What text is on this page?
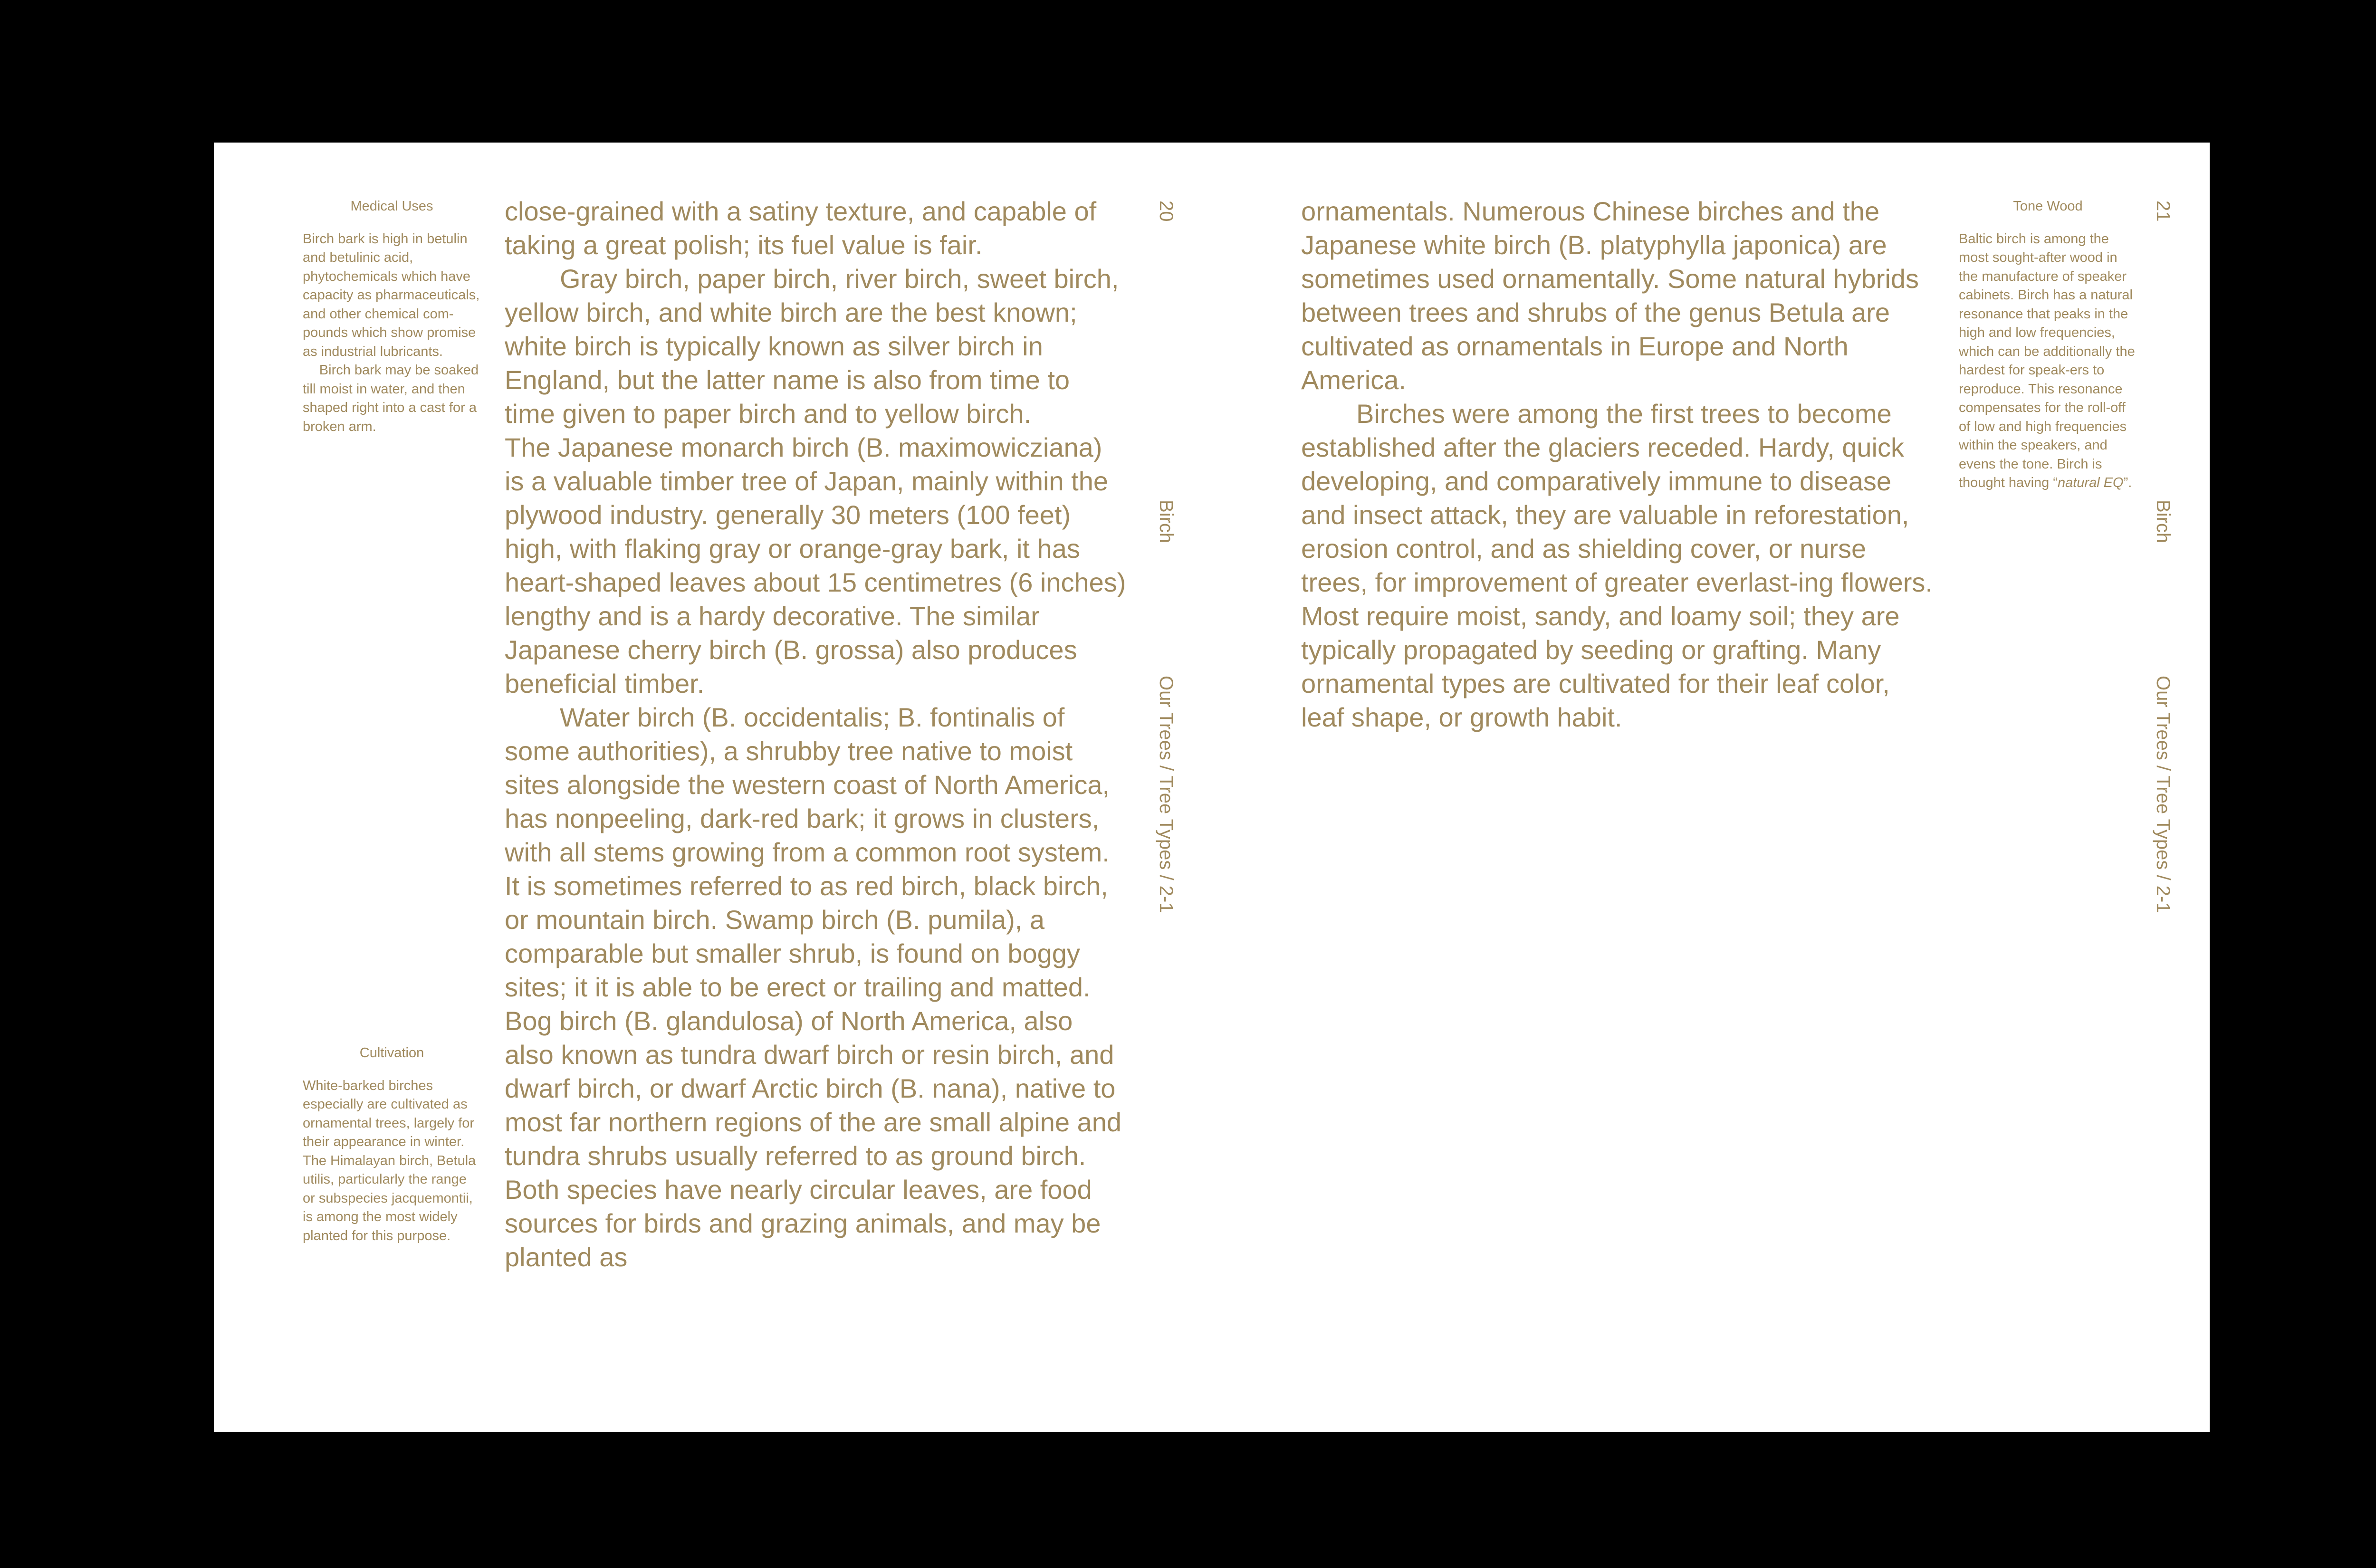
Medical Uses

Birch bark is high in betulin and betulinic acid, phytochemicals which have capacity as pharmaceuticals, and other chemical com-pounds which show promise as industrial lubricants.

Birch bark may be soaked till moist in water, and then shaped right into a cast for a broken arm.

Cultivation

White-barked birches especially are cultivated as ornamental trees, largely for their appearance in winter. The Himalayan birch, Betula utilis, particularly the range or subspecies jacquemontii, is among the most widely planted for this purpose.

close-grained with a satiny texture, and capable of taking a great polish; its fuel value is fair.

Gray birch, paper birch, river birch, sweet birch, yellow birch, and white birch are the best known; white birch is typically known as silver birch in England, but the latter name is also from time to time given to paper birch and to yellow birch.

The Japanese monarch birch (B. maximowicziana) is a valuable timber tree of Japan, mainly within the plywood industry. generally 30 meters (100 feet) high, with flaking gray or orange-gray bark, it has heart-shaped leaves about 15 centimetres (6 inches) lengthy and is a hardy decorative. The similar Japanese cherry birch (B. grossa) also produces beneficial timber.

Water birch (B. occidentalis; B. fontinalis of some authorities), a shrubby tree native to moist sites alongside the western coast of North America, has nonpeeling, dark-red bark; it grows in clusters, with all stems growing from a common root system. It is sometimes referred to as red birch, black birch, or mountain birch. Swamp birch (B. pumila), a comparable but smaller shrub, is found on boggy sites; it it is able to be erect or trailing and matted. Bog birch (B. glandulosa) of North America, also also known as tundra dwarf birch or resin birch, and dwarf birch, or dwarf Arctic birch (B. nana), native to most far northern regions of the are small alpine and tundra shrubs usually referred to as ground birch. Both species have nearly circular leaves, are food sources for birds and grazing animals, and may be planted as

20
Birch
Our Trees / Tree Types / 2-1

ornamentals. Numerous Chinese birches and the Japanese white birch (B. platyphylla japonica) are sometimes used ornamentally. Some natural hybrids between trees and shrubs of the genus Betula are cultivated as ornamentals in Europe and North America.

Birches were among the first trees to become established after the glaciers receded. Hardy, quick developing, and comparatively immune to disease and insect attack, they are valuable in reforestation, erosion control, and as shielding cover, or nurse trees, for improvement of greater everlast-ing flowers. Most require moist, sandy, and loamy soil; they are typically propagated by seeding or grafting. Many ornamental types are cultivated for their leaf color, leaf shape, or growth habit.

Tone Wood

Baltic birch is among the most sought-after wood in the manufacture of speaker cabinets. Birch has a natural resonance that peaks in the high and low frequencies, which can be additionally the hardest for speak-ers to reproduce. This resonance compensates for the roll-off of low and high frequencies within the speakers, and evens the tone. Birch is thought having “natural EQ”.

21
Birch
Our Trees / Tree Types / 2-1
